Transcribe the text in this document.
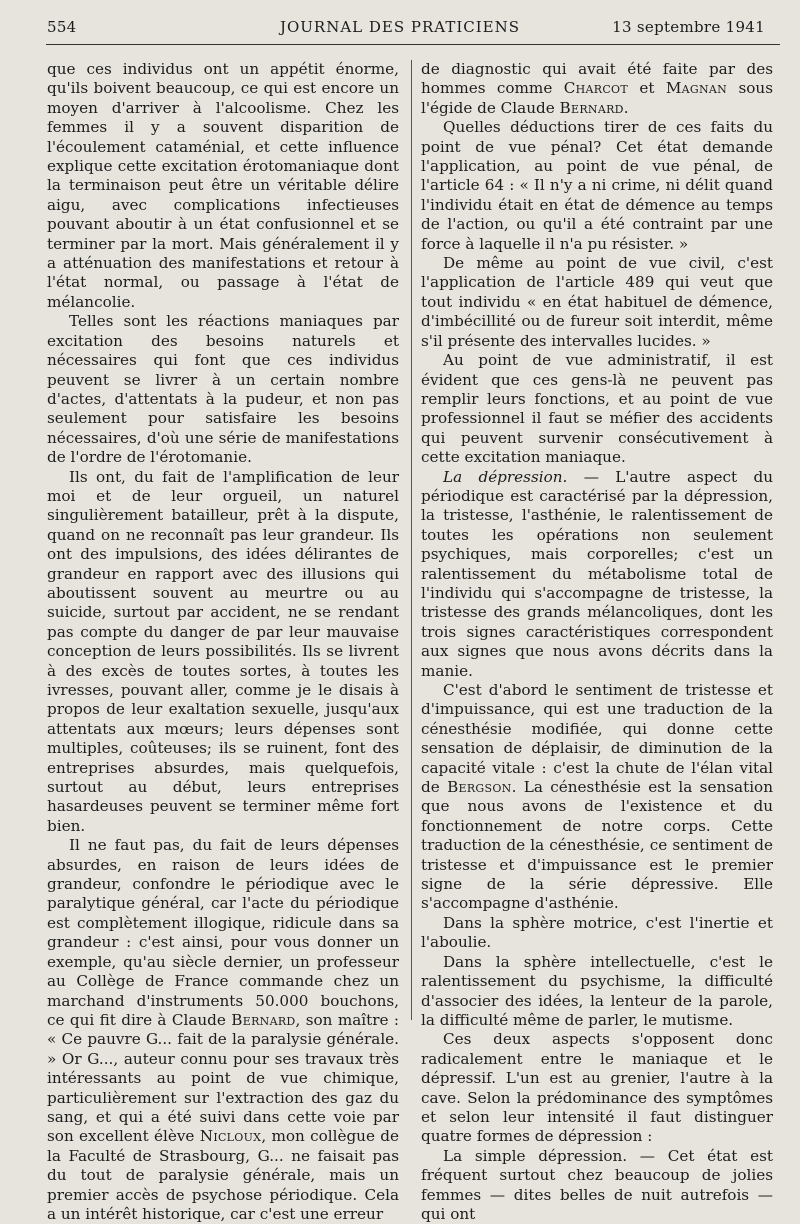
554	JOURNAL DES PRATICIENS	13 septembre 1941

que ces individus ont un appétit énorme, qu'ils boivent beaucoup, ce qui est encore un moyen d'arriver à l'alcoolisme. Chez les femmes il y a souvent disparition de l'écoulement cataménial, et cette influence explique cette excitation érotomaniaque dont la terminaison peut être un véritable délire aigu, avec complications infectieuses pouvant aboutir à un état confusionnel et se terminer par la mort. Mais généralement il y a atténuation des manifestations et retour à l'état normal, ou passage à l'état de mélancolie.

Telles sont les réactions maniaques par excitation des besoins naturels et nécessaires qui font que ces individus peuvent se livrer à un certain nombre d'actes, d'attentats à la pudeur, et non pas seulement pour satisfaire les besoins nécessaires, d'où une série de manifestations de l'ordre de l'érotomanie.

Ils ont, du fait de l'amplification de leur moi et de leur orgueil, un naturel singulièrement batailleur, prêt à la dispute, quand on ne reconnaît pas leur grandeur. Ils ont des impulsions, des idées délirantes de grandeur en rapport avec des illusions qui aboutissent souvent au meurtre ou au suicide, surtout par accident, ne se rendant pas compte du danger de par leur mauvaise conception de leurs possibilités. Ils se livrent à des excès de toutes sortes, à toutes les ivresses, pouvant aller, comme je le disais à propos de leur exaltation sexuelle, jusqu'aux attentats aux mœurs; leurs dépenses sont multiples, coûteuses; ils se ruinent, font des entreprises absurdes, mais quelquefois, surtout au début, leurs entreprises hasardeuses peuvent se terminer même fort bien.

Il ne faut pas, du fait de leurs dépenses absurdes, en raison de leurs idées de grandeur, confondre le périodique avec le paralytique général, car l'acte du périodique est complètement illogique, ridicule dans sa grandeur : c'est ainsi, pour vous donner un exemple, qu'au siècle dernier, un professeur au Collège de France commande chez un marchand d'instruments 50.000 bouchons, ce qui fit dire à Claude Bernard, son maître : « Ce pauvre G... fait de la paralysie générale. » Or G..., auteur connu pour ses travaux très intéressants au point de vue chimique, particulièrement sur l'extraction des gaz du sang, et qui a été suivi dans cette voie par son excellent élève Nicloux, mon collègue de la Faculté de Strasbourg, G... ne faisait pas du tout de paralysie générale, mais un premier accès de psychose périodique. Cela a un intérêt historique, car c'est une erreur

de diagnostic qui avait été faite par des hommes comme Charcot et Magnan sous l'égide de Claude Bernard.

Quelles déductions tirer de ces faits du point de vue pénal? Cet état demande l'application, au point de vue pénal, de l'article 64 : « Il n'y a ni crime, ni délit quand l'individu était en état de démence au temps de l'action, ou qu'il a été contraint par une force à laquelle il n'a pu résister. »

De même au point de vue civil, c'est l'application de l'article 489 qui veut que tout individu « en état habituel de démence, d'imbécillité ou de fureur soit interdit, même s'il présente des intervalles lucides. »

Au point de vue administratif, il est évident que ces gens-là ne peuvent pas remplir leurs fonctions, et au point de vue professionnel il faut se méfier des accidents qui peuvent survenir consécutivement à cette excitation maniaque.

La dépression. — L'autre aspect du périodique est caractérisé par la dépression, la tristesse, l'asthénie, le ralentissement de toutes les opérations non seulement psychiques, mais corporelles; c'est un ralentissement du métabolisme total de l'individu qui s'accompagne de tristesse, la tristesse des grands mélancoliques, dont les trois signes caractéristiques correspondent aux signes que nous avons décrits dans la manie.

C'est d'abord le sentiment de tristesse et d'impuissance, qui est une traduction de la cénesthésie modifiée, qui donne cette sensation de déplaisir, de diminution de la capacité vitale : c'est la chute de l'élan vital de Bergson. La cénesthésie est la sensation que nous avons de l'existence et du fonctionnement de notre corps. Cette traduction de la cénesthésie, ce sentiment de tristesse et d'impuissance est le premier signe de la série dépressive. Elle s'accompagne d'asthénie.

Dans la sphère motrice, c'est l'inertie et l'aboulie.

Dans la sphère intellectuelle, c'est le ralentissement du psychisme, la difficulté d'associer des idées, la lenteur de la parole, la difficulté même de parler, le mutisme.

Ces deux aspects s'opposent donc radicalement entre le maniaque et le dépressif. L'un est au grenier, l'autre à la cave. Selon la prédominance des symptômes et selon leur intensité il faut distinguer quatre formes de dépression :

La simple dépression. — Cet état est fréquent surtout chez beaucoup de jolies femmes — dites belles de nuit autrefois — qui ont
